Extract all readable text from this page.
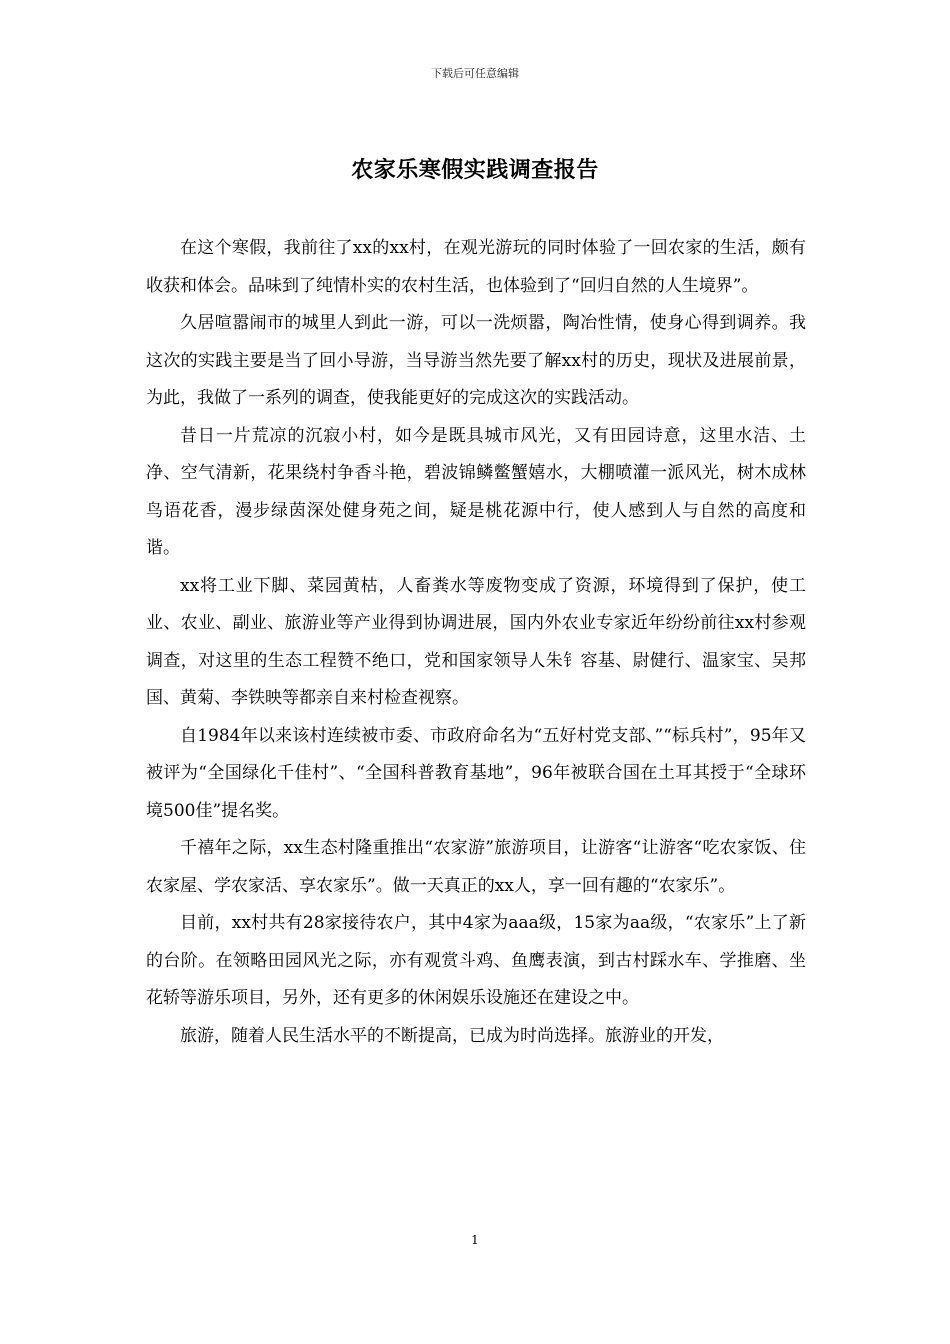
下载后可任意编辑
农家乐寒假实践调查报告

在这个寒假，我前往了xx的xx村，在观光游玩的同时体验了一回农家的生活，颇有收获和体会。品味到了纯情朴实的农村生活，也体验到了“回归自然的人生境界”。

久居喧嚣闹市的城里人到此一游，可以一洗烦嚣，陶冶性情，使身心得到调养。我这次的实践主要是当了回小导游，当导游当然先要了解xx村的历史，现状及进展前景，为此，我做了一系列的调查，使我能更好的完成这次的实践活动。

昔日一片荒凉的沉寂小村，如今是既具城市风光，又有田园诗意，这里水洁、土净、空气清新，花果绕村争香斗艳，碧波锦鳞鳖蟹嬉水，大棚喷灌一派风光，树木成林鸟语花香，漫步绿茵深处健身苑之间，疑是桃花源中行，使人感到人与自然的高度和谐。

xx将工业下脚、菜园黄枯，人畜粪水等废物变成了资源，环境得到了保护，使工业、农业、副业、旅游业等产业得到协调进展，国内外农业专家近年纷纷前往xx村参观调查，对这里的生态工程赞不绝口，党和国家领导人朱钅容基、尉健行、温家宝、吴邦国、黄菊、李铁映等都亲自来村检查视察。

自1984年以来该村连续被市委、市政府命名为“五好村党支部、”“标兵村”，95年又被评为“全国绿化千佳村”、“全国科普教育基地”，96年被联合国在土耳其授于“全球环境500佳”提名奖。

千禧年之际，xx生态村隆重推出“农家游”旅游项目，让游客“让游客“吃农家饭、住农家屋、学农家活、享农家乐”。做一天真正的xx人，享一回有趣的“农家乐”。

目前，xx村共有28家接待农户，其中4家为aaa级，15家为aa级，“农家乐”上了新的台阶。在领略田园风光之际，亦有观赏斗鸡、鱼鹰表演，到古村踩水车、学推磨、坐花轿等游乐项目，另外，还有更多的休闲娱乐设施还在建设之中。

旅游，随着人民生活水平的不断提高，已成为时尚选择。旅游业的开发，

1
